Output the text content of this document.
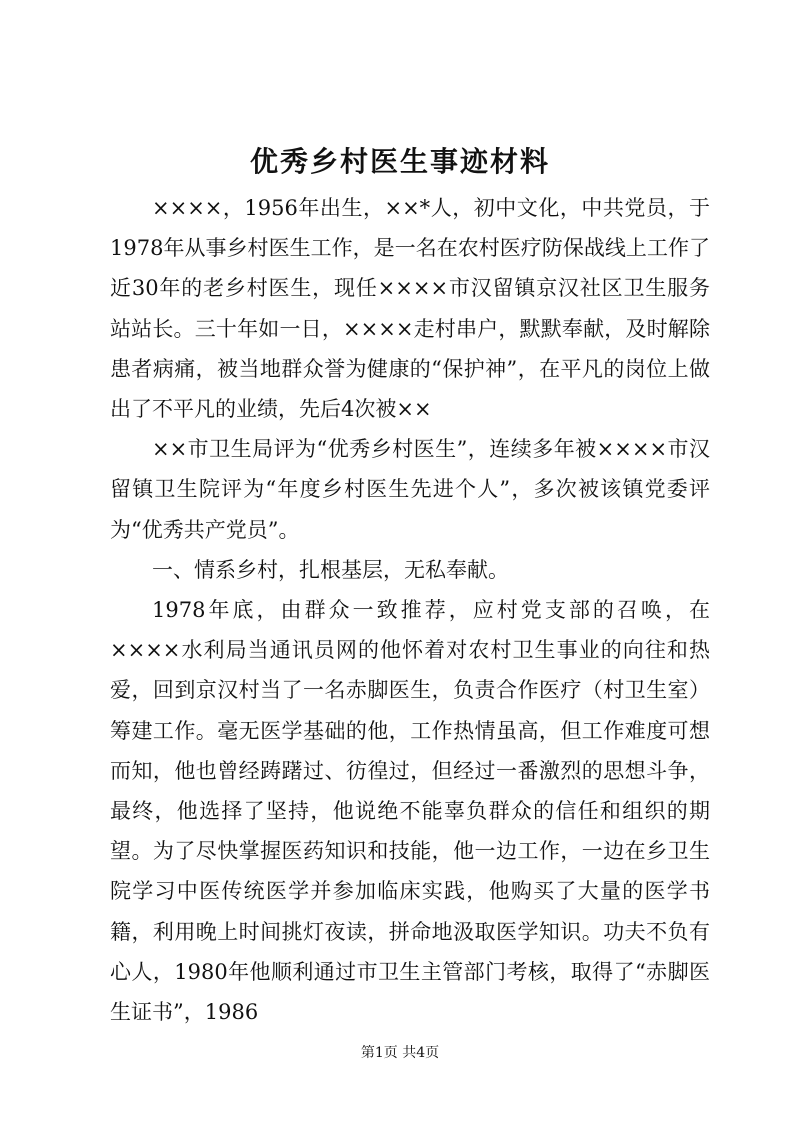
优秀乡村医生事迹材料

××××，1956年出生，××*人，初中文化，中共党员，于1978年从事乡村医生工作，是一名在农村医疗防保战线上工作了近30年的老乡村医生，现任××××市汉留镇京汉社区卫生服务站站长。三十年如一日，××××走村串户，默默奉献，及时解除患者病痛，被当地群众誉为健康的“保护神”，在平凡的岗位上做出了不平凡的业绩，先后4次被××

××市卫生局评为“优秀乡村医生”，连续多年被××××市汉留镇卫生院评为“年度乡村医生先进个人”，多次被该镇党委评为“优秀共产党员”。

一、情系乡村，扎根基层，无私奉献。

1978年底，由群众一致推荐，应村党支部的召唤，在××××水利局当通讯员网的他怀着对农村卫生事业的向往和热爱，回到京汉村当了一名赤脚医生，负责合作医疗（村卫生室）筹建工作。毫无医学基础的他，工作热情虽高，但工作难度可想而知，他也曾经踌躇过、彷徨过，但经过一番激烈的思想斗争，最终，他选择了坚持，他说绝不能辜负群众的信任和组织的期望。为了尽快掌握医药知识和技能，他一边工作，一边在乡卫生院学习中医传统医学并参加临床实践，他购买了大量的医学书籍，利用晚上时间挑灯夜读，拼命地汲取医学知识。功夫不负有心人，1980年他顺利通过市卫生主管部门考核，取得了“赤脚医生证书”，1986

第1页 共4页
